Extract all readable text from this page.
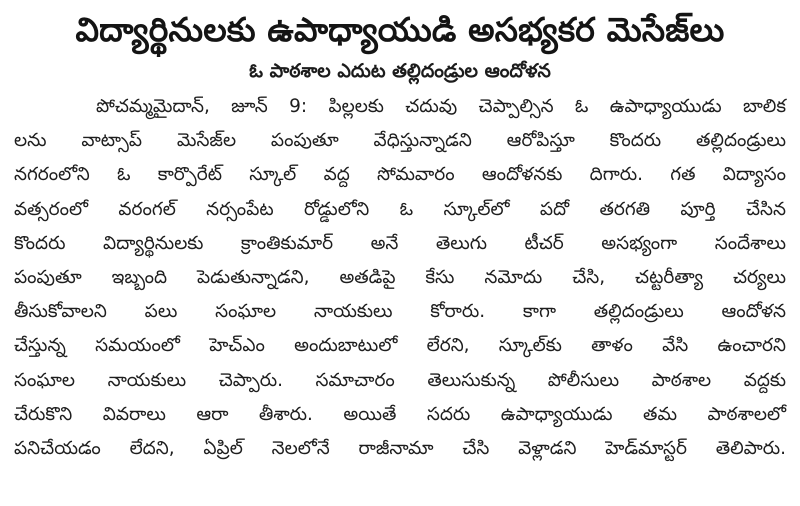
విద్యార్థినులకు ఉపాధ్యాయుడి అసభ్యకర మెసేజ్‌లు
ఓ పాఠశాల ఎదుట తల్లిదండ్రుల ఆందోళన
పోచమ్మమైదాన్, జూన్ 9: పిల్లలకు చదువు చెప్పాల్సిన ఓ ఉపాధ్యాయుడు బాలిక
లను వాట్సాప్ మెసేజ్‌ల పంపుతూ వేధిస్తున్నాడని ఆరోపిస్తూ కొందరు తల్లిదండ్రులు
నగరంలోని ఓ కార్పొరేట్ స్కూల్ వద్ద సోమవారం ఆందోళనకు దిగారు. గత విద్యాసం
వత్సరంలో వరంగల్ నర్సంపేట రోడ్డులోని ఓ స్కూల్‌లో పదో తరగతి పూర్తి చేసిన
కొందరు విద్యార్థినులకు క్రాంతికుమార్ అనే తెలుగు టీచర్ అసభ్యంగా సందేశాలు
పంపుతూ ఇబ్బంది పెడుతున్నాడని, అతడిపై కేసు నమోదు చేసి, చట్టరీత్యా చర్యలు
తీసుకోవాలని పలు సంఘాల నాయకులు కోరారు. కాగా తల్లిదండ్రులు ఆందోళన
చేస్తున్న సమయంలో హెచ్‌ఎం అందుబాటులో లేరని, స్కూల్‌కు తాళం వేసి ఉంచారని
సంఘాల నాయకులు చెప్పారు. సమాచారం తెలుసుకున్న పోలీసులు పాఠశాల వద్దకు
చేరుకొని వివరాలు ఆరా తీశారు. అయితే సదరు ఉపాధ్యాయుడు తమ పాఠశాలలో
పనిచేయడం లేదని, ఏప్రిల్ నెలలోనే రాజీనామా చేసి వెళ్లాడని హెడ్‌మాస్టర్ తెలిపారు.
